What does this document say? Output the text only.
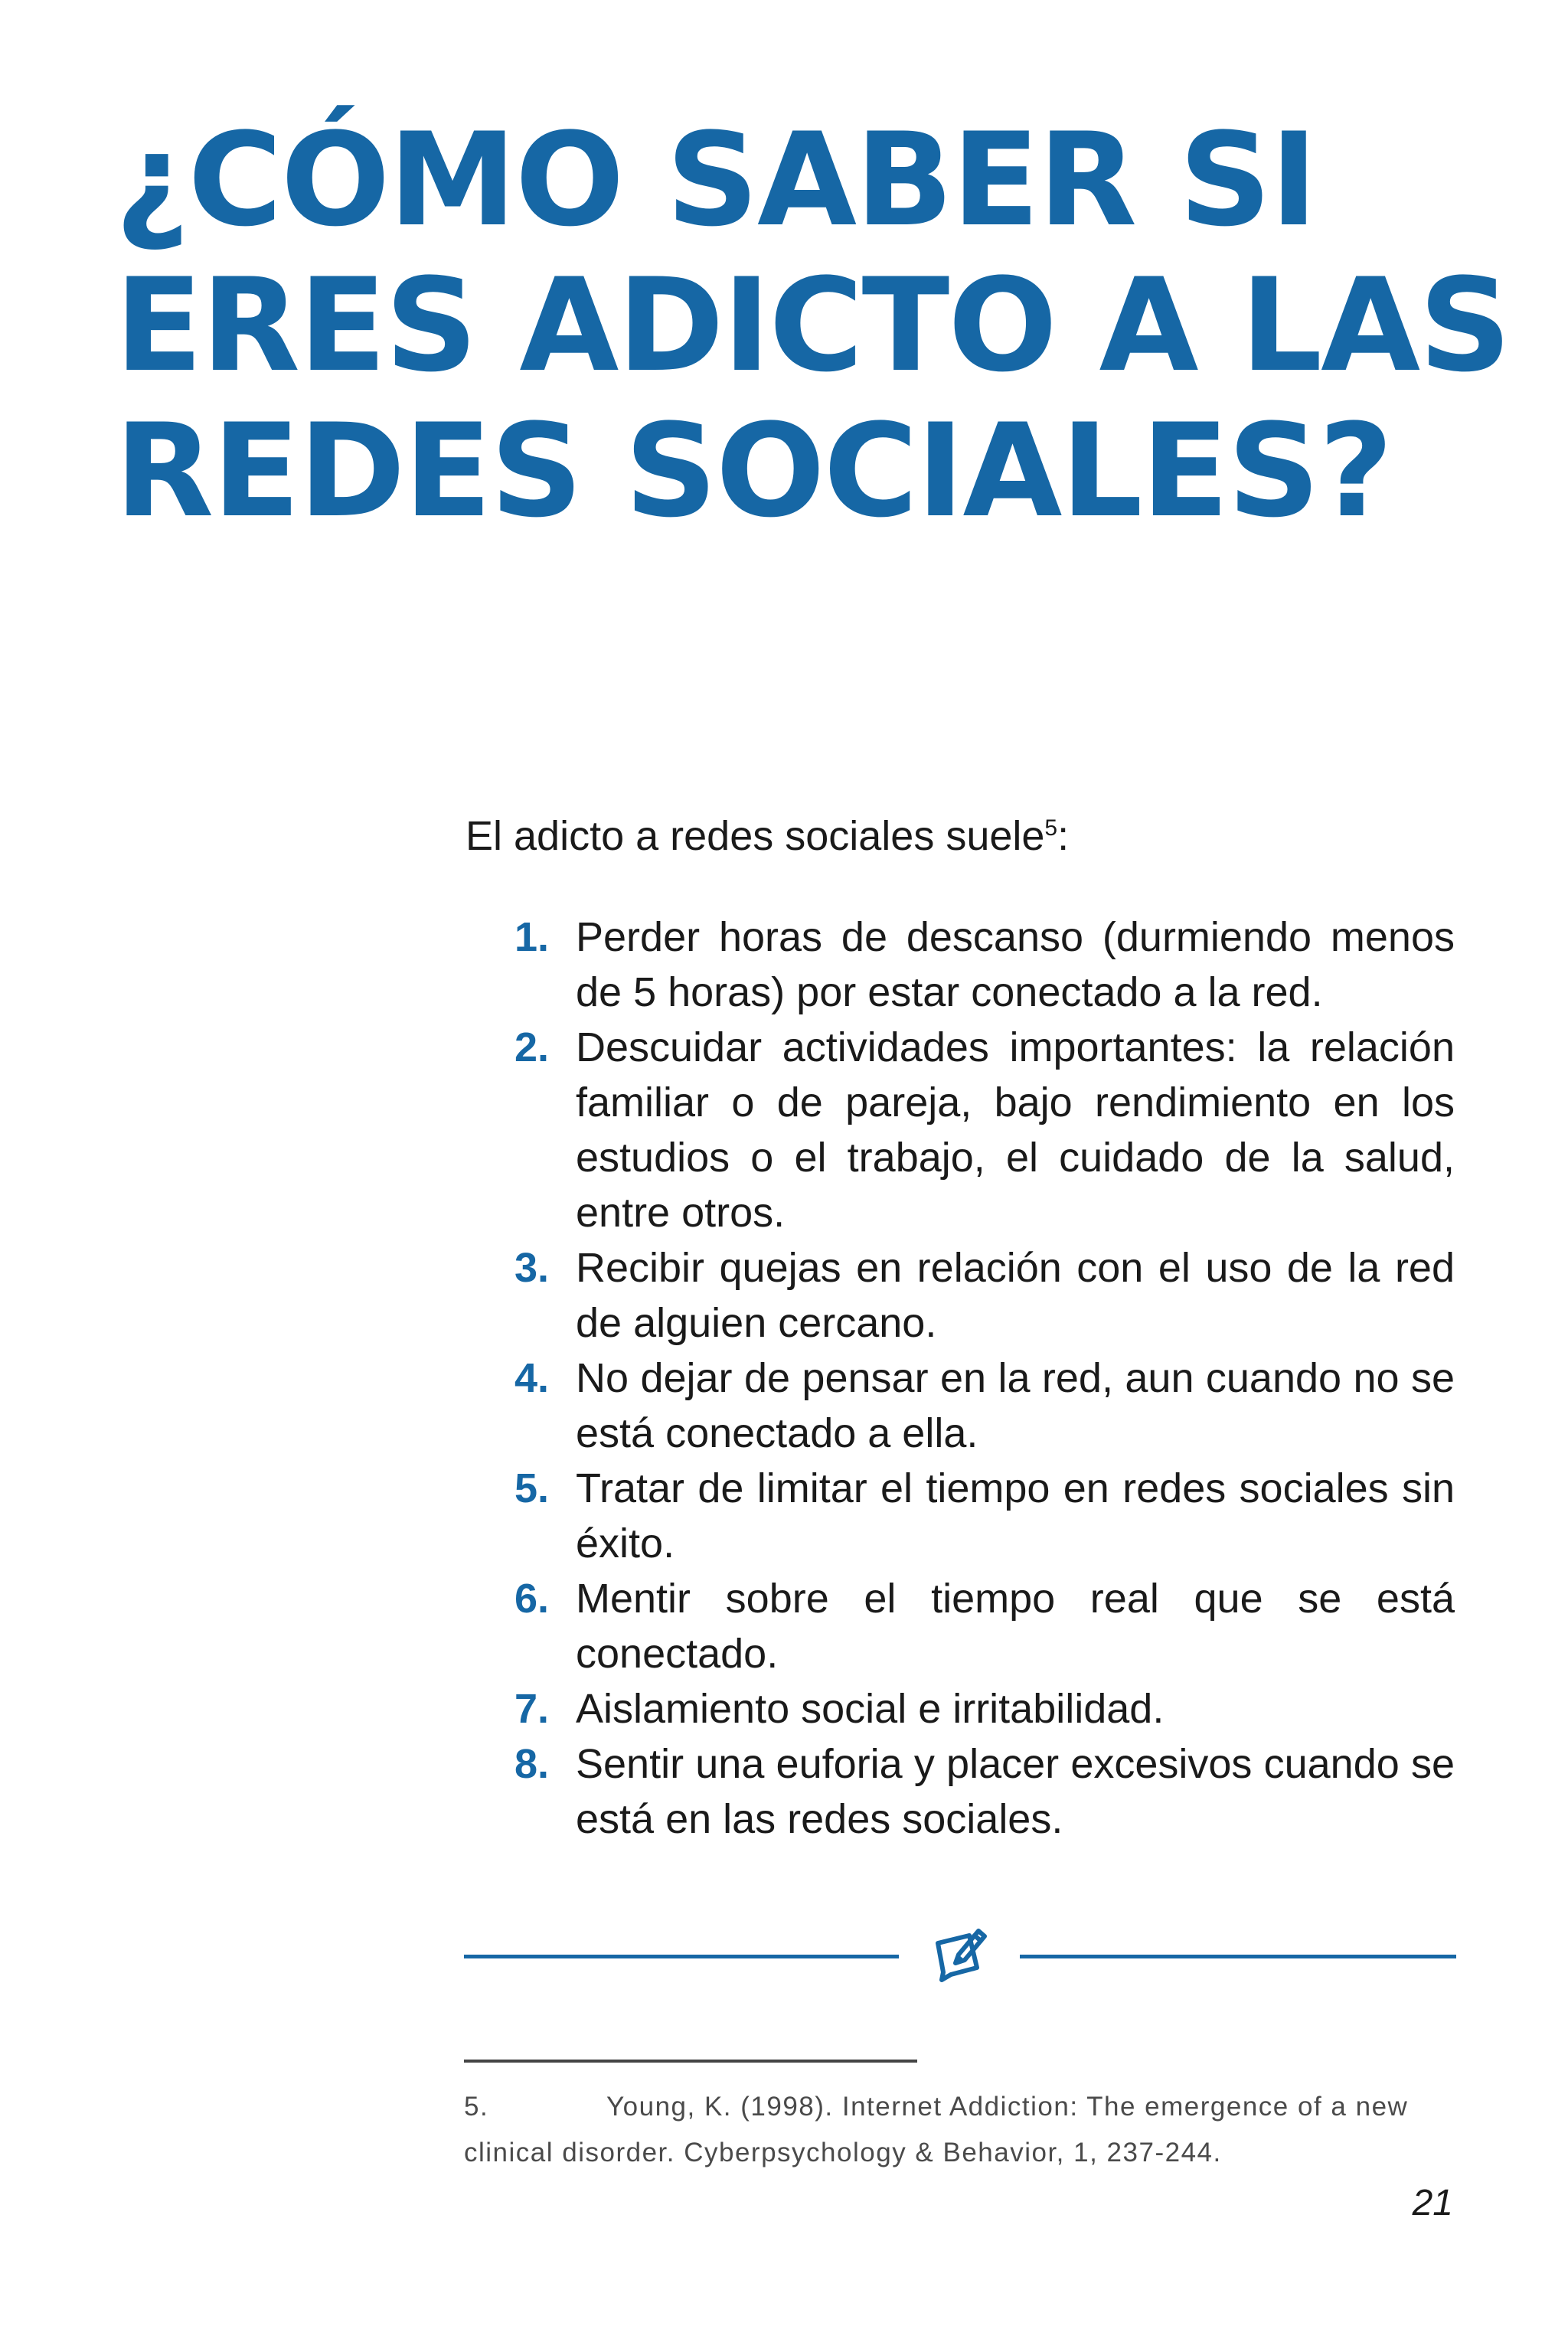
¿CÓMO SABER SI
ERES ADICTO A LAS
REDES SOCIALES?

El adicto a redes sociales suele$^5$:

1. Perder horas de descanso (durmiendo menos de 5 horas) por estar conectado a la red.
2. Descuidar actividades importantes: la relación familiar o de pareja, bajo rendimiento en los estudios o el trabajo, el cuidado de la salud, entre otros.
3. Recibir quejas en relación con el uso de la red de alguien cercano.
4. No dejar de pensar en la red, aun cuando no se está conectado a ella.
5. Tratar de limitar el tiempo en redes sociales sin éxito.
6. Mentir sobre el tiempo real que se está conectado.
7. Aislamiento social e irritabilidad.
8. Sentir una euforia y placer excesivos cuando se está en las redes sociales.

5.	Young, K. (1998). Internet Addiction: The emergence of a new clinical disorder. Cyberpsychology & Behavior, 1, 237-244.

21
